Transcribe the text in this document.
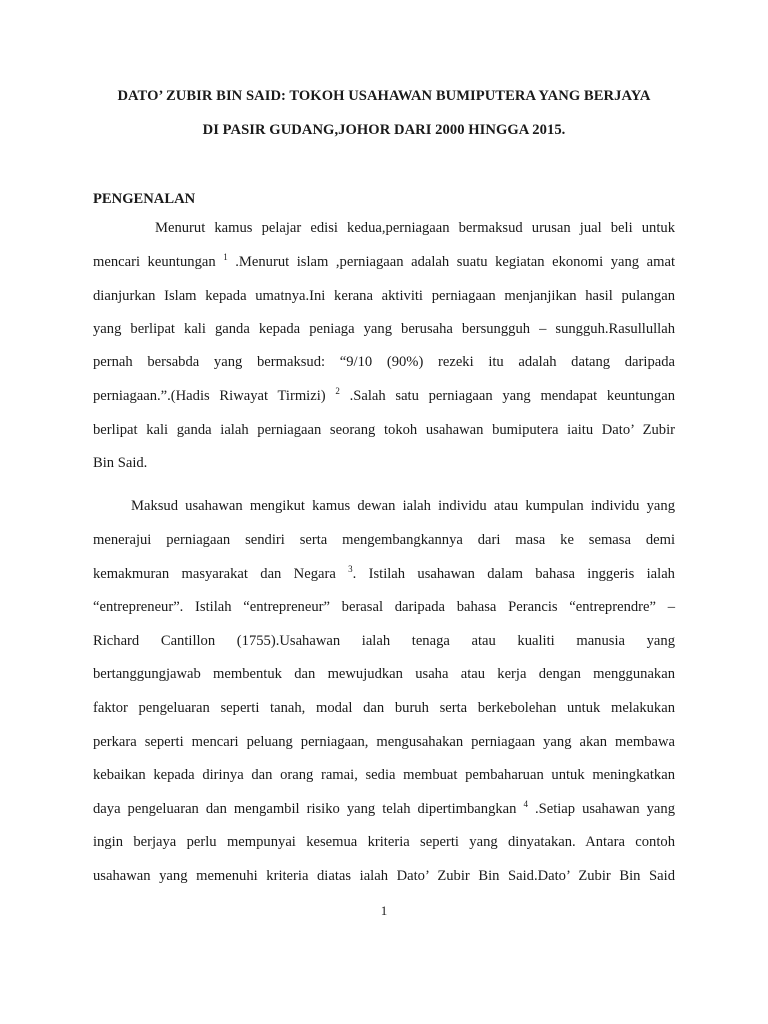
DATO’ ZUBIR BIN SAID: TOKOH USAHAWAN BUMIPUTERA YANG BERJAYA
DI PASIR GUDANG,JOHOR DARI 2000 HINGGA 2015.
PENGENALAN
Menurut kamus pelajar edisi kedua,perniagaan bermaksud urusan jual beli untuk
mencari keuntungan $^1$ .Menurut islam ,perniagaan adalah suatu kegiatan ekonomi yang amat
dianjurkan Islam kepada umatnya.Ini kerana aktiviti perniagaan menjanjikan hasil pulangan
yang berlipat kali ganda kepada peniaga yang berusaha bersungguh – sungguh.Rasullullah
pernah bersabda yang bermaksud: “9/10 (90%) rezeki itu adalah datang daripada
perniagaan.”.(Hadis Riwayat Tirmizi) $^2$ .Salah satu perniagaan yang mendapat keuntungan
berlipat kali ganda ialah perniagaan seorang tokoh usahawan bumiputera iaitu Dato’ Zubir
Bin Said.
Maksud usahawan mengikut kamus dewan ialah individu atau kumpulan individu yang
menerajui perniagaan sendiri serta mengembangkannya dari masa ke semasa demi
kemakmuran masyarakat dan Negara $^3$. Istilah usahawan dalam bahasa inggeris ialah
“entrepreneur”. Istilah “entrepreneur” berasal daripada bahasa Perancis “entreprendre” –
Richard Cantillon (1755).Usahawan ialah tenaga atau kualiti manusia yang
bertanggungjawab membentuk dan mewujudkan usaha atau kerja dengan menggunakan
faktor pengeluaran seperti tanah, modal dan buruh serta berkebolehan untuk melakukan
perkara seperti mencari peluang perniagaan, mengusahakan perniagaan yang akan membawa
kebaikan kepada dirinya dan orang ramai, sedia membuat pembaharuan untuk meningkatkan
daya pengeluaran dan mengambil risiko yang telah dipertimbangkan $^4$ .Setiap usahawan yang
ingin berjaya perlu mempunyai kesemua kriteria seperti yang dinyatakan. Antara contoh
usahawan yang memenuhi kriteria diatas ialah Dato’ Zubir Bin Said.Dato’ Zubir Bin Said
1
